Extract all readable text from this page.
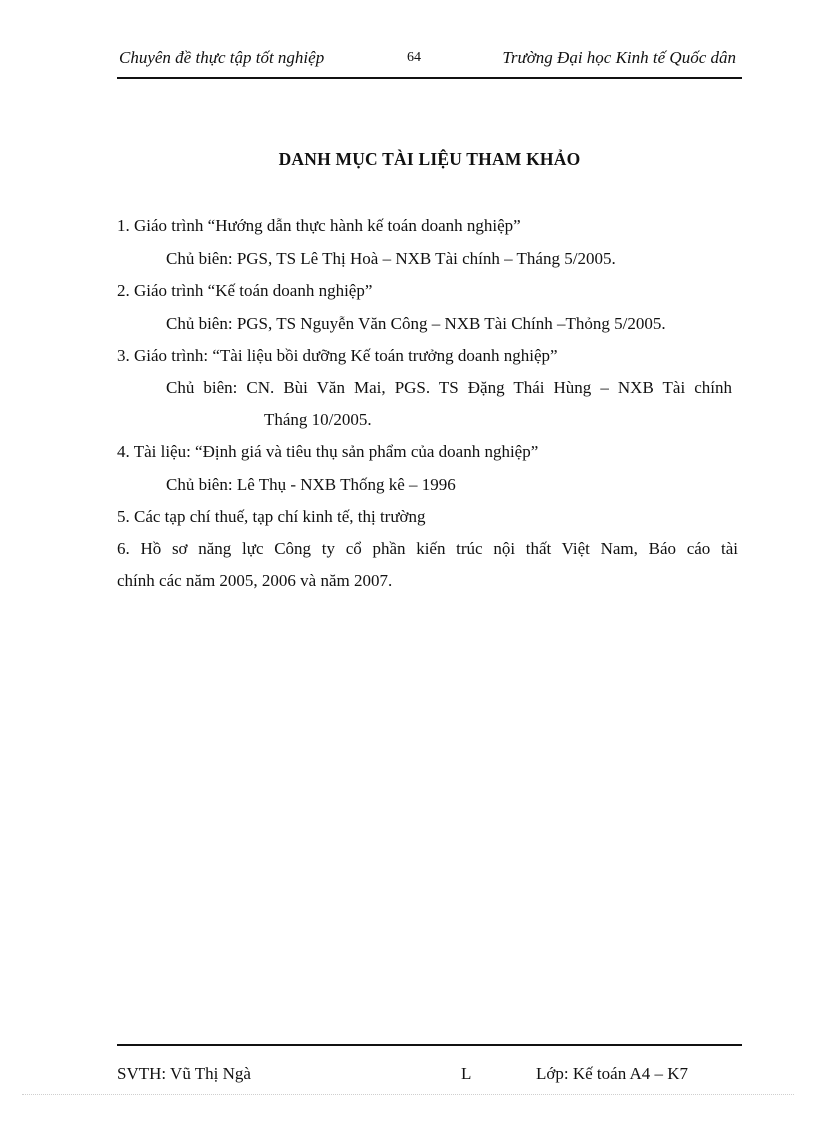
Chuyên đề thực tập tốt nghiệp	64	Trường Đại học Kinh tế Quốc dân
DANH MỤC TÀI LIỆU THAM KHẢO
1. Giáo trình “Hướng dẫn thực hành kế toán doanh nghiệp”
Chủ biên: PGS, TS Lê Thị Hoà – NXB Tài chính – Tháng 5/2005.
2. Giáo trình “Kế toán doanh nghiệp”
Chủ biên: PGS, TS Nguyễn Văn Công – NXB Tài Chính –Thỏng 5/2005.
3. Giáo trình: “Tài liệu bồi dưỡng Kế toán trưởng doanh nghiệp”
Chủ biên: CN. Bùi Văn Mai, PGS. TS Đặng Thái Hùng – NXB Tài chính
Tháng 10/2005.
4. Tài liệu: “Định giá và tiêu thụ sản phẩm của doanh nghiệp”
Chủ biên: Lê Thụ - NXB Thống kê – 1996
5. Các tạp chí thuế, tạp chí kinh tế, thị trường
6. Hồ sơ năng lực Công ty cổ phần kiến trúc nội thất Việt Nam, Báo cáo tài
chính các năm 2005, 2006 và năm 2007.
SVTH: Vũ Thị Ngà	L	Lớp: Kế toán A4 – K7
